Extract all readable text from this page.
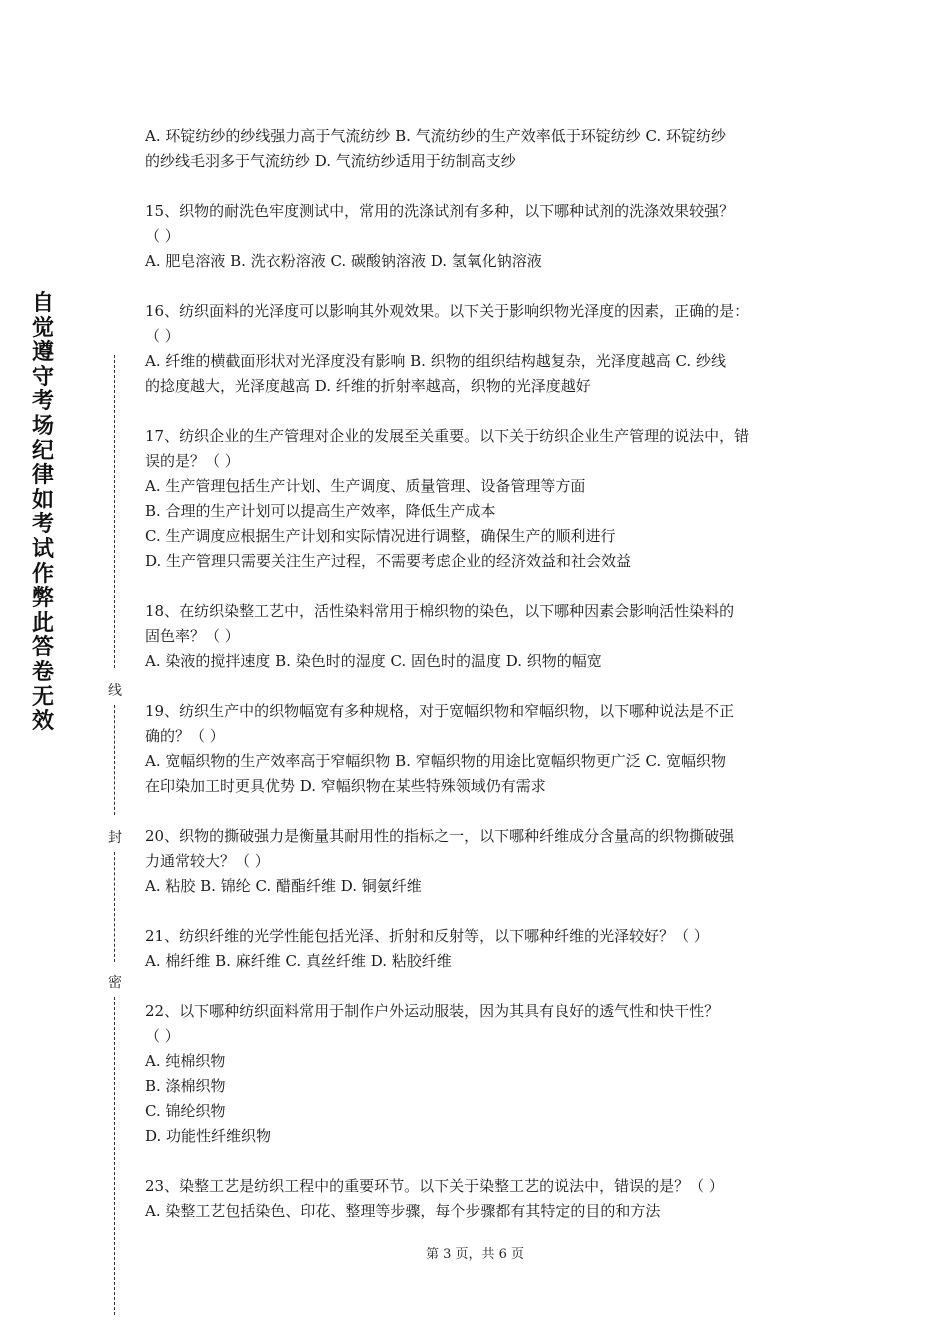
自
觉
遵
守
考
场
纪
律
如
考
试
作
弊
此
答
卷
无
效
线
封
密
A. 环锭纺纱的纱线强力高于气流纺纱 B. 气流纺纱的生产效率低于环锭纺纱 C. 环锭纺纱
的纱线毛羽多于气流纺纱 D. 气流纺纱适用于纺制高支纱
15、织物的耐洗色牢度测试中，常用的洗涤试剂有多种，以下哪种试剂的洗涤效果较强？
（ ）
A. 肥皂溶液 B. 洗衣粉溶液 C. 碳酸钠溶液 D. 氢氧化钠溶液
16、纺织面料的光泽度可以影响其外观效果。以下关于影响织物光泽度的因素，正确的是：
（ ）
A. 纤维的横截面形状对光泽度没有影响 B. 织物的组织结构越复杂，光泽度越高 C. 纱线
的捻度越大，光泽度越高 D. 纤维的折射率越高，织物的光泽度越好
17、纺织企业的生产管理对企业的发展至关重要。以下关于纺织企业生产管理的说法中，错
误的是？（ ）
A. 生产管理包括生产计划、生产调度、质量管理、设备管理等方面
B. 合理的生产计划可以提高生产效率，降低生产成本
C. 生产调度应根据生产计划和实际情况进行调整，确保生产的顺利进行
D. 生产管理只需要关注生产过程，不需要考虑企业的经济效益和社会效益
18、在纺织染整工艺中，活性染料常用于棉织物的染色，以下哪种因素会影响活性染料的
固色率？（ ）
A. 染液的搅拌速度 B. 染色时的湿度 C. 固色时的温度 D. 织物的幅宽
19、纺织生产中的织物幅宽有多种规格，对于宽幅织物和窄幅织物，以下哪种说法是不正
确的？（ ）
A. 宽幅织物的生产效率高于窄幅织物 B. 窄幅织物的用途比宽幅织物更广泛 C. 宽幅织物
在印染加工时更具优势 D. 窄幅织物在某些特殊领域仍有需求
20、织物的撕破强力是衡量其耐用性的指标之一，以下哪种纤维成分含量高的织物撕破强
力通常较大？（ ）
A. 粘胶 B. 锦纶 C. 醋酯纤维 D. 铜氨纤维
21、纺织纤维的光学性能包括光泽、折射和反射等，以下哪种纤维的光泽较好？（ ）
A. 棉纤维 B. 麻纤维 C. 真丝纤维 D. 粘胶纤维
22、以下哪种纺织面料常用于制作户外运动服装，因为其具有良好的透气性和快干性？
（ ）
A. 纯棉织物
B. 涤棉织物
C. 锦纶织物
D. 功能性纤维织物
23、染整工艺是纺织工程中的重要环节。以下关于染整工艺的说法中，错误的是？（ ）
A. 染整工艺包括染色、印花、整理等步骤，每个步骤都有其特定的目的和方法
第 3 页，共 6 页
